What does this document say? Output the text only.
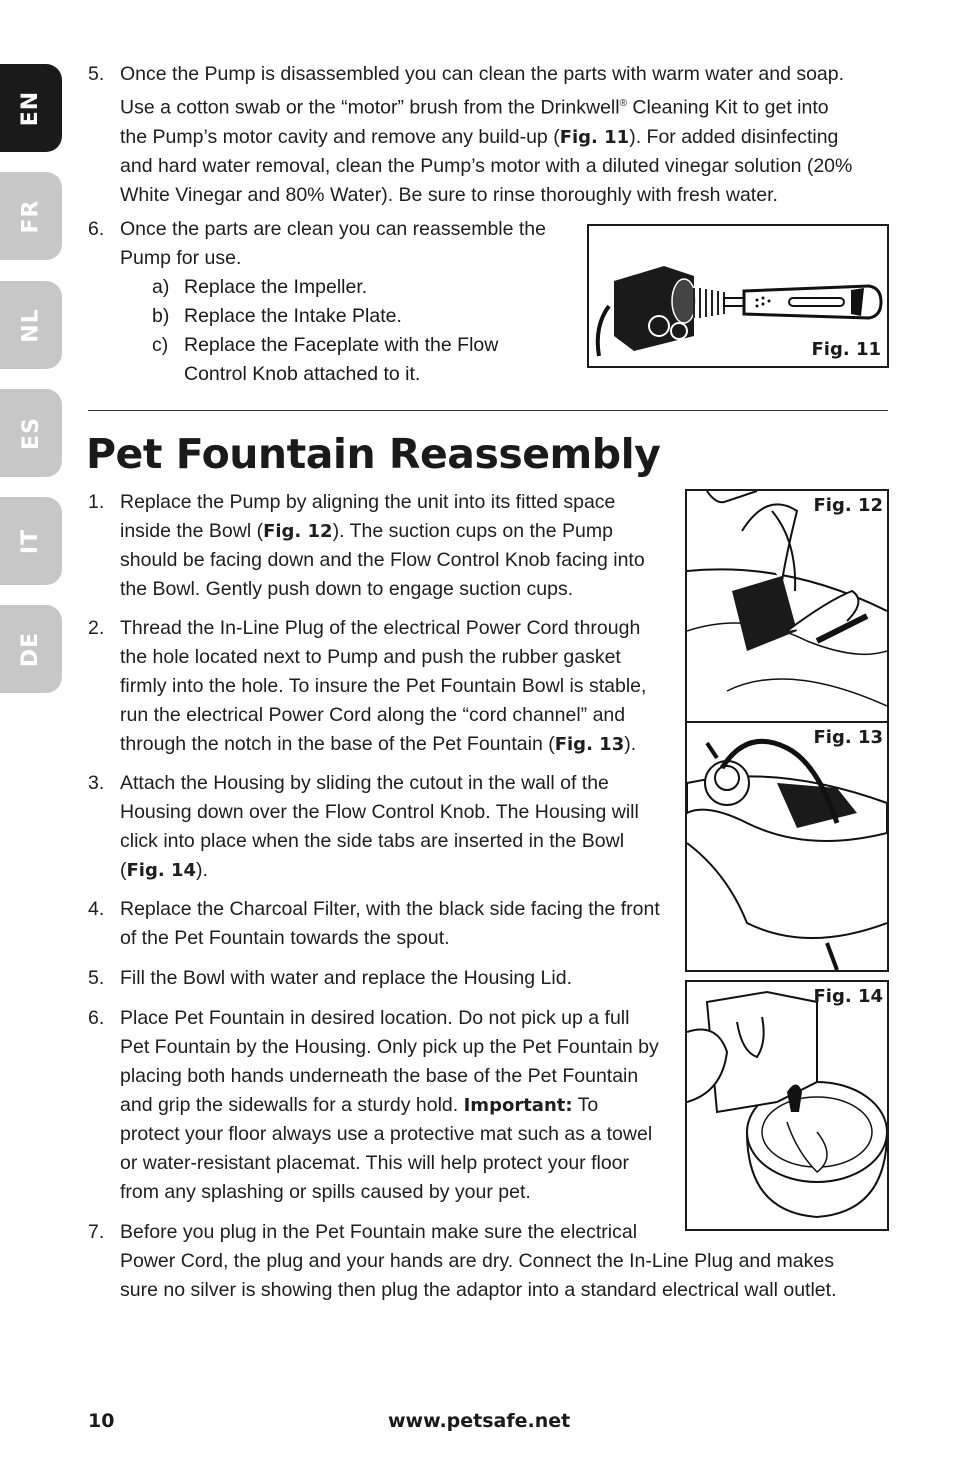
EN
FR
NL
ES
IT
DE
5. Once the Pump is disassembled you can clean the parts with warm water and soap.
Use a cotton swab or the “motor” brush from the Drinkwell® Cleaning Kit to get into
the Pump’s motor cavity and remove any build-up (Fig. 11). For added disinfecting
and hard water removal, clean the Pump’s motor with a diluted vinegar solution (20%
White Vinegar and 80% Water). Be sure to rinse thoroughly with fresh water.
6. Once the parts are clean you can reassemble the
Pump for use.
a) Replace the Impeller.
b) Replace the Intake Plate.
c) Replace the Faceplate with the Flow
Control Knob attached to it.
Fig. 11
Pet Fountain Reassembly
1. Replace the Pump by aligning the unit into its fitted space
inside the Bowl (Fig. 12). The suction cups on the Pump
should be facing down and the Flow Control Knob facing into
the Bowl. Gently push down to engage suction cups.
2. Thread the In-Line Plug of the electrical Power Cord through
the hole located next to Pump and push the rubber gasket
firmly into the hole. To insure the Pet Fountain Bowl is stable,
run the electrical Power Cord along the “cord channel” and
through the notch in the base of the Pet Fountain (Fig. 13).
3. Attach the Housing by sliding the cutout in the wall of the
Housing down over the Flow Control Knob. The Housing will
click into place when the side tabs are inserted in the Bowl
(Fig. 14).
4. Replace the Charcoal Filter, with the black side facing the front
of the Pet Fountain towards the spout.
5. Fill the Bowl with water and replace the Housing Lid.
6. Place Pet Fountain in desired location. Do not pick up a full
Pet Fountain by the Housing. Only pick up the Pet Fountain by
placing both hands underneath the base of the Pet Fountain
and grip the sidewalls for a sturdy hold. Important: To
protect your floor always use a protective mat such as a towel
or water-resistant placemat. This will help protect your floor
from any splashing or spills caused by your pet.
7. Before you plug in the Pet Fountain make sure the electrical
Power Cord, the plug and your hands are dry. Connect the In-Line Plug and makes
sure no silver is showing then plug the adaptor into a standard electrical wall outlet.
Fig. 12
Fig. 13
Fig. 14
10	www.petsafe.net
